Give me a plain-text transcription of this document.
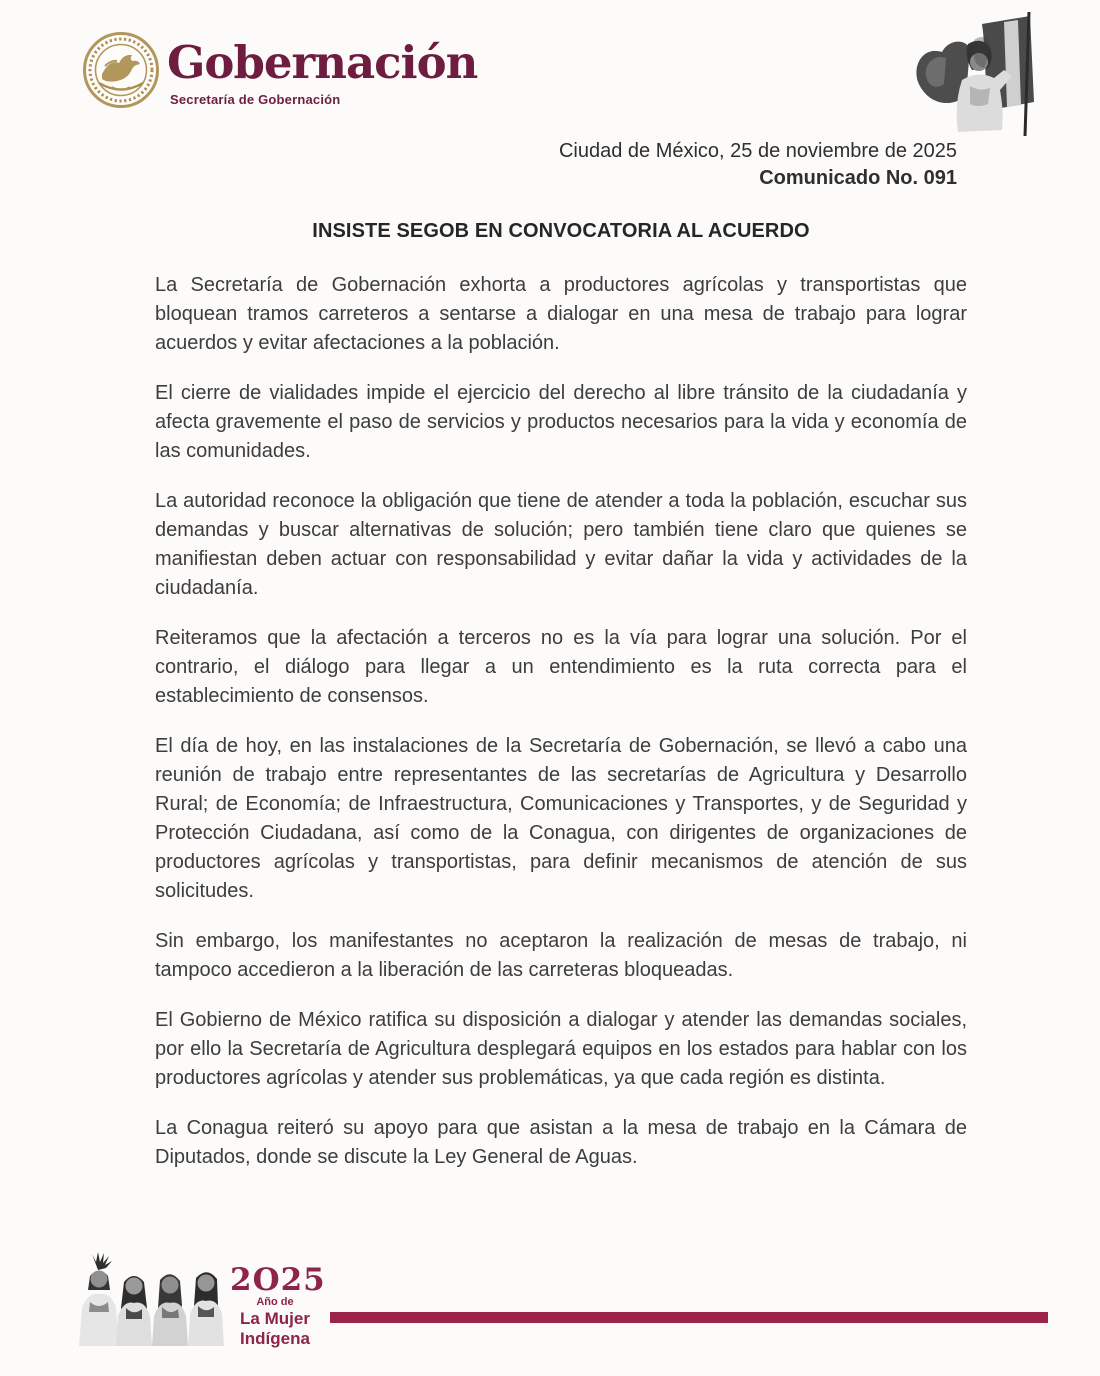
Gobernación
Secretaría de Gobernación
Ciudad de México, 25 de noviembre de 2025
Comunicado No. 091
INSISTE SEGOB EN CONVOCATORIA AL ACUERDO

La Secretaría de Gobernación exhorta a productores agrícolas y transportistas que bloquean tramos carreteros a sentarse a dialogar en una mesa de trabajo para lograr acuerdos y evitar afectaciones a la población.

El cierre de vialidades impide el ejercicio del derecho al libre tránsito de la ciudadanía y afecta gravemente el paso de servicios y productos necesarios para la vida y economía de las comunidades.

La autoridad reconoce la obligación que tiene de atender a toda la población, escuchar sus demandas y buscar alternativas de solución; pero también tiene claro que quienes se manifiestan deben actuar con responsabilidad y evitar dañar la vida y actividades de la ciudadanía.

Reiteramos que la afectación a terceros no es la vía para lograr una solución. Por el contrario, el diálogo para llegar a un entendimiento es la ruta correcta para el establecimiento de consensos.

El día de hoy, en las instalaciones de la Secretaría de Gobernación, se llevó a cabo una reunión de trabajo entre representantes de las secretarías de Agricultura y Desarrollo Rural; de Economía; de Infraestructura, Comunicaciones y Transportes, y de Seguridad y Protección Ciudadana, así como de la Conagua, con dirigentes de organizaciones de productores agrícolas y transportistas, para definir mecanismos de atención de sus solicitudes.

Sin embargo, los manifestantes no aceptaron la realización de mesas de trabajo, ni tampoco accedieron a la liberación de las carreteras bloqueadas.

El Gobierno de México ratifica su disposición a dialogar y atender las demandas sociales, por ello la Secretaría de Agricultura desplegará equipos en los estados para hablar con los productores agrícolas y atender sus problemáticas, ya que cada región es distinta.

La Conagua reiteró su apoyo para que asistan a la mesa de trabajo en la Cámara de Diputados, donde se discute la Ley General de Aguas.

2O25
Año de
La Mujer
Indígena
